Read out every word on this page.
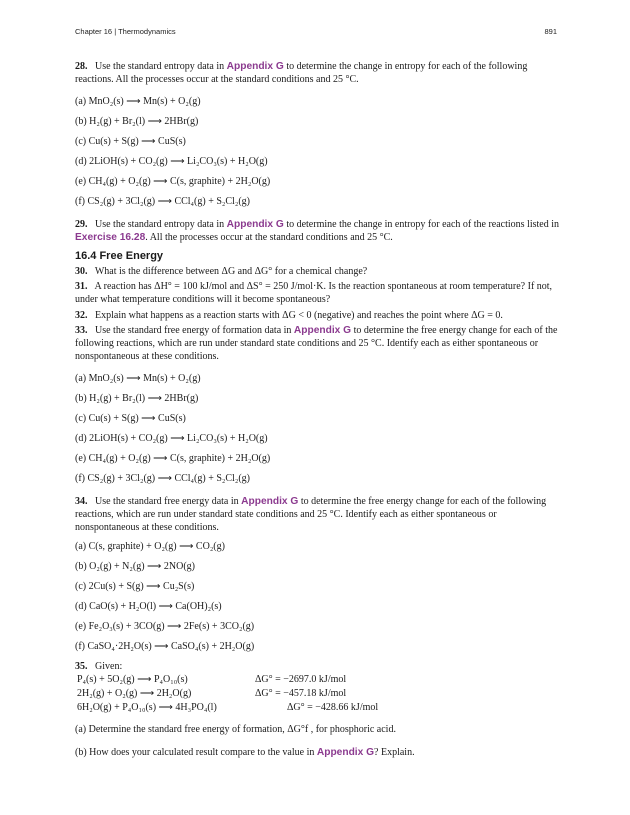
Chapter 16 | Thermodynamics	891

28. Use the standard entropy data in Appendix G to determine the change in entropy for each of the following reactions. All the processes occur at the standard conditions and 25 °C.

(a) MnO₂(s) ⟶ Mn(s) + O₂(g)
(b) H₂(g) + Br₂(l) ⟶ 2HBr(g)
(c) Cu(s) + S(g) ⟶ CuS(s)
(d) 2LiOH(s) + CO₂(g) ⟶ Li₂CO₃(s) + H₂O(g)
(e) CH₄(g) + O₂(g) ⟶ C(s, graphite) + 2H₂O(g)
(f) CS₂(g) + 3Cl₂(g) ⟶ CCl₄(g) + S₂Cl₂(g)

29. Use the standard entropy data in Appendix G to determine the change in entropy for each of the reactions listed in Exercise 16.28. All the processes occur at the standard conditions and 25 °C.

16.4 Free Energy

30. What is the difference between ΔG and ΔG° for a chemical change?

31. A reaction has ΔH° = 100 kJ/mol and ΔS° = 250 J/mol·K. Is the reaction spontaneous at room temperature? If not, under what temperature conditions will it become spontaneous?

32. Explain what happens as a reaction starts with ΔG < 0 (negative) and reaches the point where ΔG = 0.

33. Use the standard free energy of formation data in Appendix G to determine the free energy change for each of the following reactions, which are run under standard state conditions and 25 °C. Identify each as either spontaneous or nonspontaneous at these conditions.

(a) MnO₂(s) ⟶ Mn(s) + O₂(g)
(b) H₂(g) + Br₂(l) ⟶ 2HBr(g)
(c) Cu(s) + S(g) ⟶ CuS(s)
(d) 2LiOH(s) + CO₂(g) ⟶ Li₂CO₃(s) + H₂O(g)
(e) CH₄(g) + O₂(g) ⟶ C(s, graphite) + 2H₂O(g)
(f) CS₂(g) + 3Cl₂(g) ⟶ CCl₄(g) + S₂Cl₂(g)

34. Use the standard free energy data in Appendix G to determine the free energy change for each of the following reactions, which are run under standard state conditions and 25 °C. Identify each as either spontaneous or nonspontaneous at these conditions.

(a) C(s, graphite) + O₂(g) ⟶ CO₂(g)
(b) O₂(g) + N₂(g) ⟶ 2NO(g)
(c) 2Cu(s) + S(g) ⟶ Cu₂S(s)
(d) CaO(s) + H₂O(l) ⟶ Ca(OH)₂(s)
(e) Fe₂O₃(s) + 3CO(g) ⟶ 2Fe(s) + 3CO₂(g)
(f) CaSO₄·2H₂O(s) ⟶ CaSO₄(s) + 2H₂O(g)

35. Given:

P₄(s) + 5O₂(g) ⟶ P₄O₁₀(s)	ΔG° = −2697.0 kJ/mol
2H₂(g) + O₂(g) ⟶ 2H₂O(g)	ΔG° = −457.18 kJ/mol
6H₂O(g) + P₄O₁₀(s) ⟶ 4H₃PO₄(l)	ΔG° = −428.66 kJ/mol

(a) Determine the standard free energy of formation, ΔG°f , for phosphoric acid.

(b) How does your calculated result compare to the value in Appendix G? Explain.
